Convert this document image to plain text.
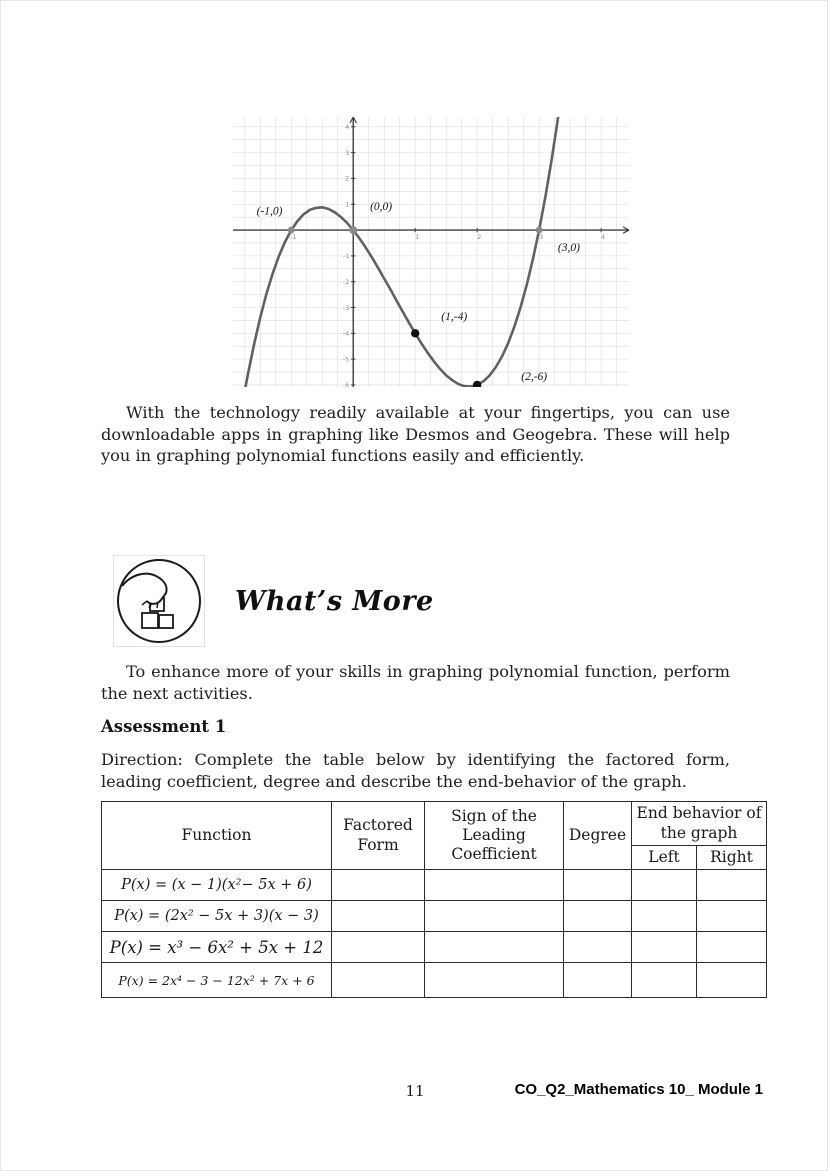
-1	1	2	3	4
-6
-5
-4
-3
-2
-1
1
2
3
4
(-1,0)	(0,0)
(3,0)
(1,-4)
(2,-6)

With the technology readily available at your fingertips, you can use downloadable apps in graphing like Desmos and Geogebra. These will help you in graphing polynomial functions easily and efficiently.

What’s More

To enhance more of your skills in graphing polynomial function, perform the next activities.

Assessment 1

Direction: Complete the table below by identifying the factored form, leading coefficient, degree and describe the end-behavior of the graph.

Function	Factored Form	Sign of the Leading Coefficient	Degree	End behavior of the graph	
				Left	Right
P(x) = (x − 1)(x²− 5x + 6)					
P(x) = (2x² − 5x + 3)(x − 3)					
P(x) = x³ − 6x² + 5x + 12					
P(x) = 2x⁴ − 3 − 12x² + 7x + 6					
11	CO_Q2_Mathematics 10_ Module 1
